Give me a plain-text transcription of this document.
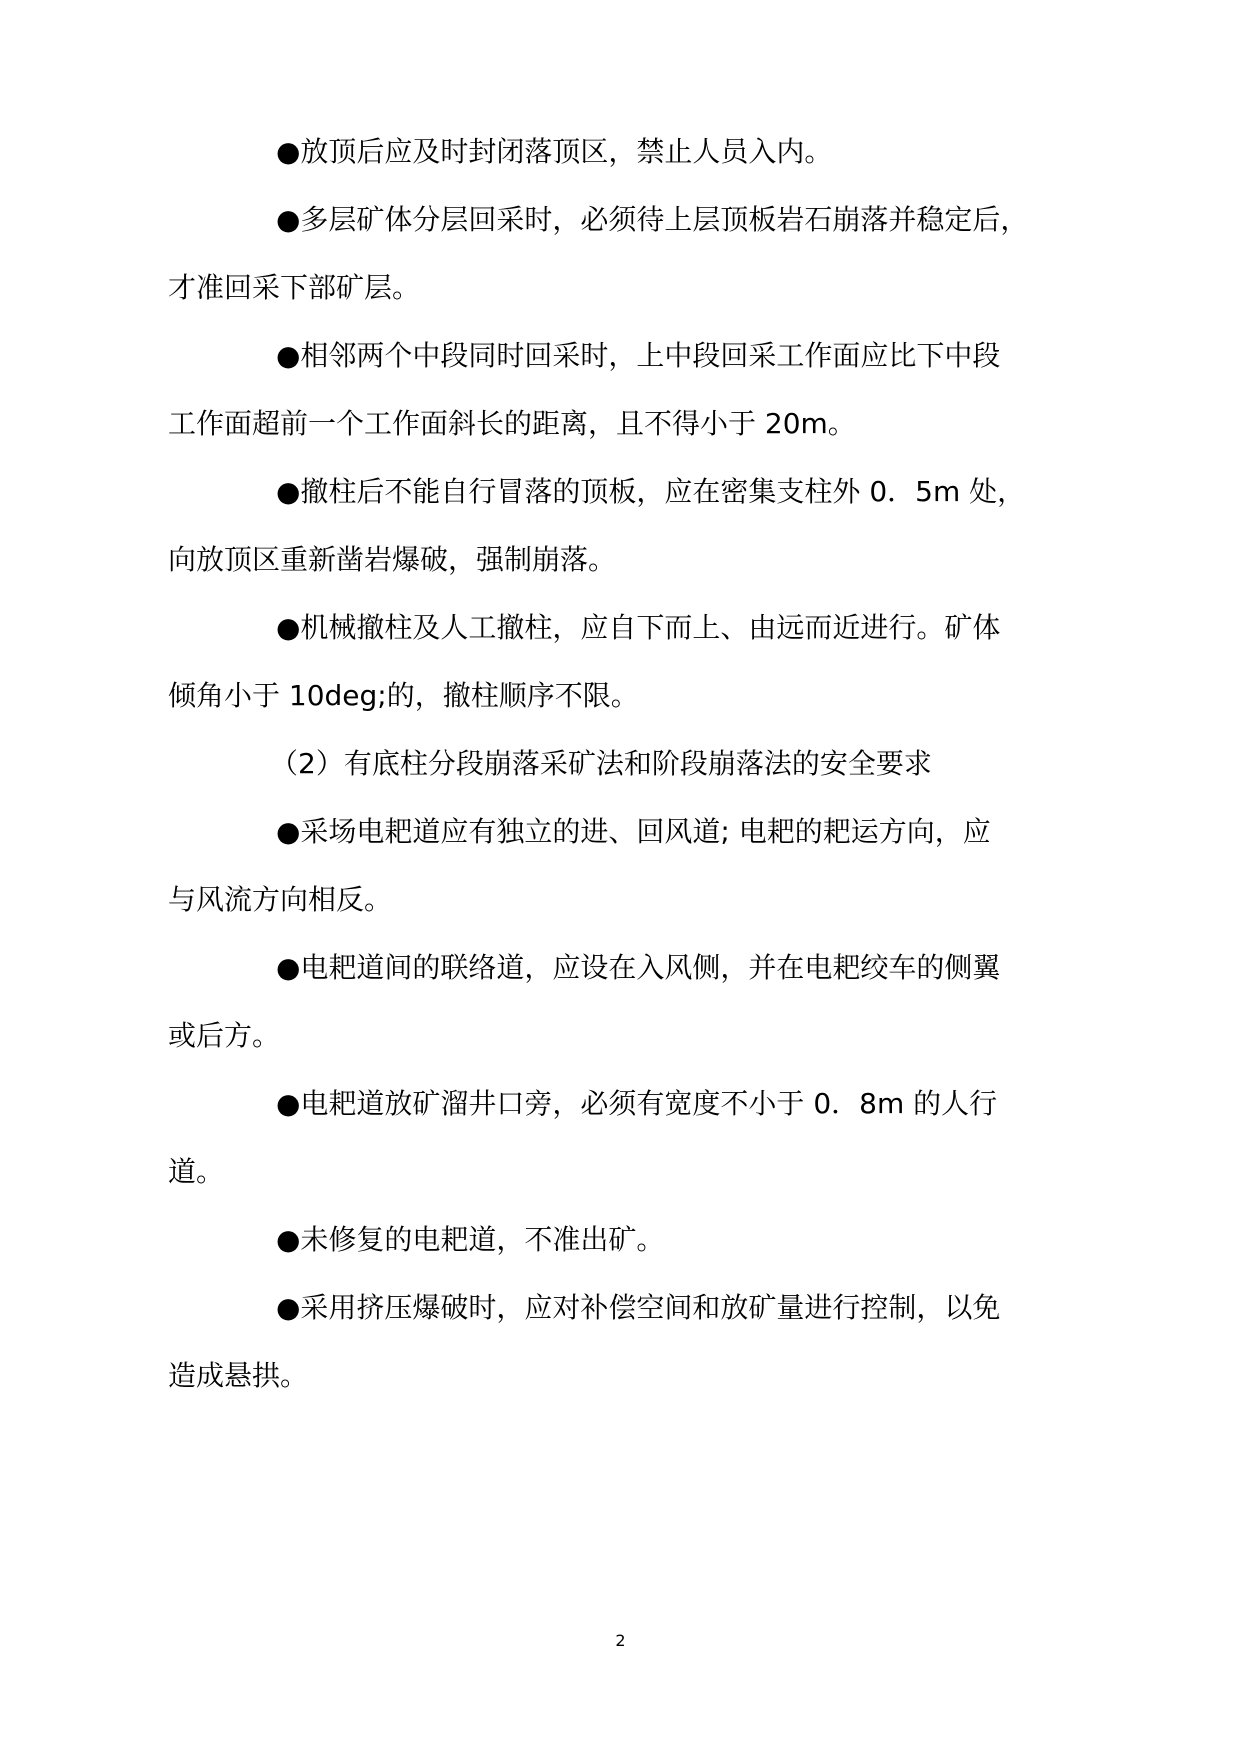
●放顶后应及时封闭落顶区，禁止人员入内。
●多层矿体分层回采时，必须待上层顶板岩石崩落并稳定后，
才准回采下部矿层。
●相邻两个中段同时回采时，上中段回采工作面应比下中段
工作面超前一个工作面斜长的距离，且不得小于 20m。
●撤柱后不能自行冒落的顶板，应在密集支柱外 0．5m 处，
向放顶区重新凿岩爆破，强制崩落。
●机械撤柱及人工撤柱，应自下而上、由远而近进行。矿体
倾角小于 10deg;的，撤柱顺序不限。
（2）有底柱分段崩落采矿法和阶段崩落法的安全要求
●采场电耙道应有独立的进、回风道; 电耙的耙运方向，应
与风流方向相反。
●电耙道间的联络道，应设在入风侧，并在电耙绞车的侧翼
或后方。
●电耙道放矿溜井口旁，必须有宽度不小于 0．8m 的人行
道。
●未修复的电耙道，不准出矿。
●采用挤压爆破时，应对补偿空间和放矿量进行控制，以免
造成悬拱。
2
